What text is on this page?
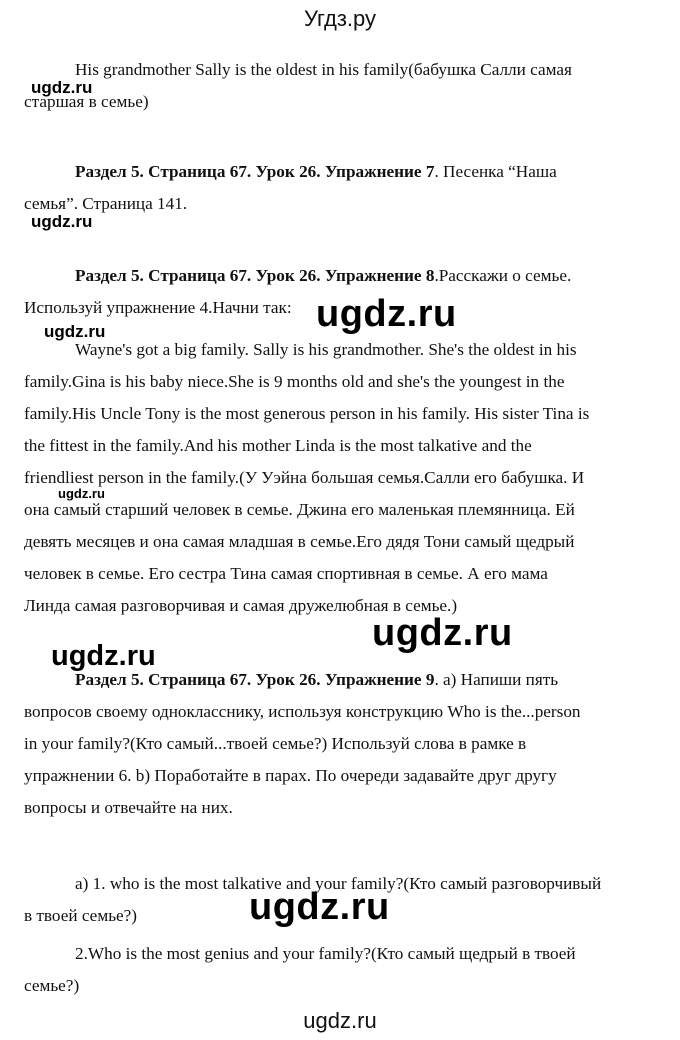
Угдз.ру
His grandmother Sally is the oldest in his family(бабушка Салли самая
старшая в семье)
Раздел 5. Страница 67. Урок 26. Упражнение 7. Песенка “Наша
семья”. Страница 141.
Раздел 5. Страница 67. Урок 26. Упражнение 8.Расскажи о семье.
Используй упражнение 4.Начни так:
Wayne's got a big family. Sally is his grandmother. She's the oldest in his
family.Gina is his baby niece.She is 9 months old and she's the youngest in the
family.His Uncle Tony is the most generous person in his family. His sister Tina is
the fittest in the family.And his mother Linda is the most talkative and the
friendliest person in the family.(У Уэйна большая семья.Салли его бабушка. И
она самый старший человек в семье. Джина его маленькая племянница. Ей
девять месяцев и она самая младшая в семье.Его дядя Тони самый щедрый
человек в семье. Его сестра Тина самая спортивная в семье. А его мама
Линда самая разговорчивая и самая дружелюбная в семье.)
Раздел 5. Страница 67. Урок 26. Упражнение 9. a) Напиши пять
вопросов своему однокласснику, используя конструкцию Who is the...person
in your family?(Кто самый...твоей семье?) Используй слова в рамке в
упражнении 6. b) Поработайте в парах. По очереди задавайте друг другу
вопросы и отвечайте на них.
a) 1. who is the most talkative and your family?(Кто самый разговорчивый
в твоей семье?)
2.Who is the most genius and your family?(Кто самый щедрый в твоей
семье?)
ugdz.ru
ugdz.ru
ugdz.ru
ugdz.ru
ugdz.ru
ugdz.ru
ugdz.ru
ugdz.ru
ugdz.ru
